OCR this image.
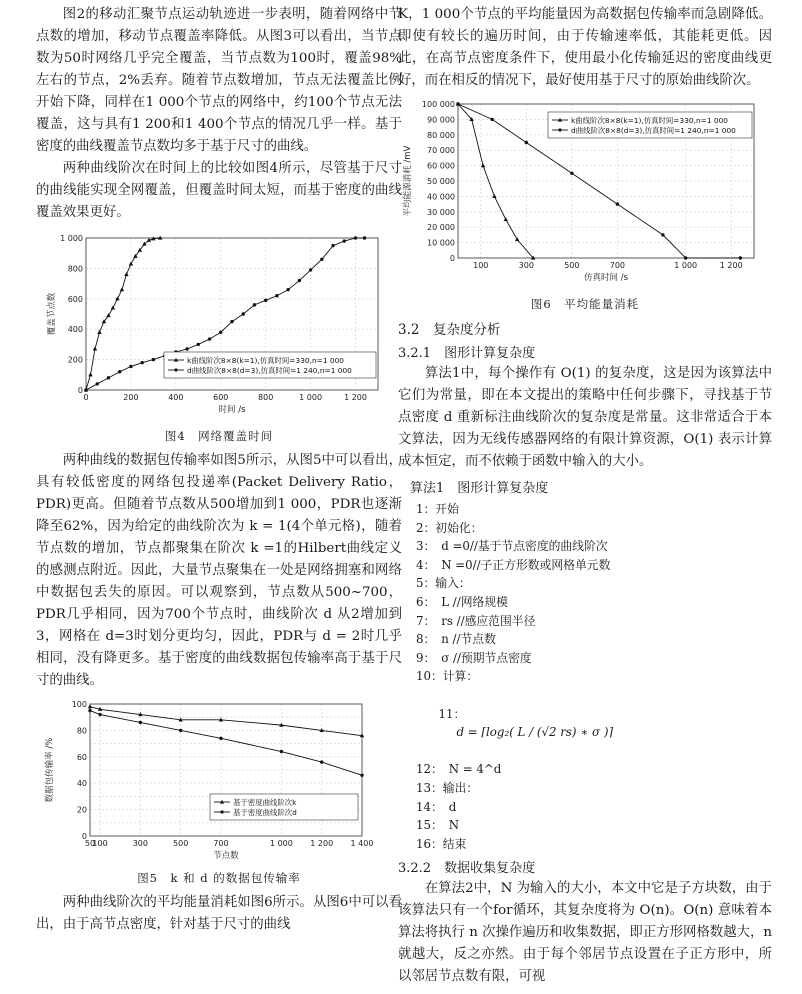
图2的移动汇聚节点运动轨迹进一步表明，随着网络中节点数的增加，移动节点覆盖率降低。从图3可以看出，当节点数为50时网络几乎完全覆盖，当节点数为100时，覆盖98%左右的节点，2%丢弃。随着节点数增加，节点无法覆盖比例开始下降，同样在1 000个节点的网络中，约100个节点无法覆盖，这与具有1 200和1 400个节点的情况几乎一样。基于密度的曲线覆盖节点数均多于基于尺寸的曲线。

两种曲线阶次在时间上的比较如图4所示，尽管基于尺寸的曲线能实现全网覆盖，但覆盖时间太短，而基于密度的曲线覆盖效果更好。

0	200	400	600	800	1 000	1 200
0
200
400
600
800
1 000
时间 /s
覆盖节点数
k曲线阶次8×8(k=1),仿真时间=330,n=1 000
d曲线阶次8×8(d=3),仿真时间=1 240,n=1 000
图4　网络覆盖时间

两种曲线的数据包传输率如图5所示，从图5中可以看出，具有较低密度的网络包投递率(Packet Delivery Ratio，PDR)更高。但随着节点数从500增加到1 000，PDR也逐渐降至62%，因为给定的曲线阶次为 k = 1(4个单元格)，随着节点数的增加，节点都聚集在阶次 k =1的Hilbert曲线定义的感测点附近。因此，大量节点聚集在一处是网络拥塞和网络中数据包丢失的原因。可以观察到，节点数从500~700，PDR几乎相同，因为700个节点时，曲线阶次 d 从2增加到3，网格在 d=3时划分更均匀，因此，PDR与 d = 2时几乎相同，没有降更多。基于密度的曲线数据包传输率高于基于尺寸的曲线。

50
100	300	500	700	1 000 1 200 1 400
0
20
40
60
80
100
节点数
数据包传输率 /%	基于密度曲线阶次k
基于密度曲线阶次d
图5　k 和 d 的数据包传输率

两种曲线阶次的平均能量消耗如图6所示。从图6中可以看出，由于高节点密度，针对基于尺寸的曲线

K，1 000个节点的平均能量因为高数据包传输率而急剧降低。即使有较长的遍历时间，由于传输速率低，其能耗更低。因此，在高节点密度条件下，使用最小化传输延迟的密度曲线更好，而在相反的情况下，最好使用基于尺寸的原始曲线阶次。

100	300	500	700	1 000	1 200
0
10 000
20 000
30 000
40 000
50 000
60 000
70 000
80 000
90 000
100 000
仿真时间 /s
平均能源消耗 /mV
k曲线阶次8×8(k=1),仿真时间=330,n=1 000
d曲线阶次8×8(d=3),仿真时间=1 240,n=1 000
图6　平均能量消耗
3.2　复杂度分析
3.2.1　图形计算复杂度

算法1中，每个操作有 O(1) 的复杂度，这是因为该算法中它们为常量，即在本文提出的策略中任何步骤下，寻找基于节点密度 d 重新标注曲线阶次的复杂度是常量。这非常适合于本文算法，因为无线传感器网络的有限计算资源，O(1) 表示计算成本恒定，而不依赖于函数中输入的大小。

算法1　图形计算复杂度
1：开始
2：初始化：
3：　d =0//基于节点密度的曲线阶次
4：　N =0//子正方形数或网格单元数
5：输入：
6：　L //网络规模
7：　rs //感应范围半径
8：　n //节点数
9：　σ //预期节点密度
10：计算：

11：
d = ⌈log₂( L / (√2 rs) ∗ σ )⌉

12：　N = 4^d
13：输出：
14：　d
15：　N
16：结束
3.2.2　数据收集复杂度

在算法2中，N 为输入的大小，本文中它是子方块数，由于该算法只有一个for循环，其复杂度将为 O(n)。O(n) 意味着本算法将执行 n 次操作遍历和收集数据，即正方形网格数越大，n 就越大，反之亦然。由于每个邻居节点设置在子正方形中，所以邻居节点数有限，可视
